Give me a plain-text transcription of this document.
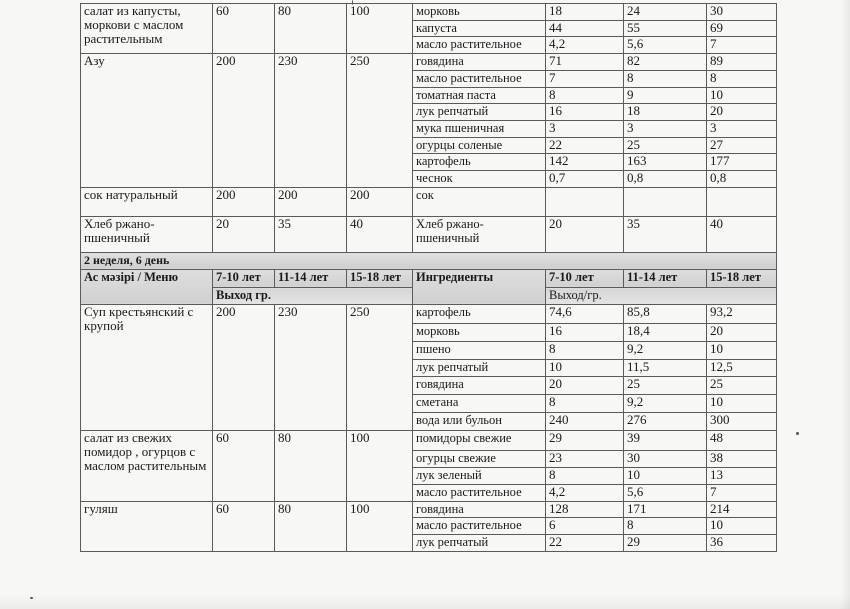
салат из капусты, моркови с маслом растительным	60	80	100	морковь	18	24	30
				капуста	44	55	69
				масло растительное	4,2	5,6	7
Азу	200	230	250	говядина	71	82	89
				масло растительное	7	8	8
				томатная паста	8	9	10
				лук репчатый	16	18	20
				мука пшеничная	3	3	3
				огурцы соленые	22	25	27
				картофель	142	163	177
				чеснок	0,7	0,8	0,8
сок натуральный	200	200	200	сок			
Хлеб ржано-пшеничный	20	35	40	Хлеб ржано-пшеничный	20	35	40
2 неделя, 6 день							
Ас мәзірі / Меню	7-10 лет	11-14 лет	15-18 лет	Ингредиенты	7-10 лет	11-14 лет	15-18 лет
	Выход гр.				Выход/гр.		
Суп крестьянский с крупой	200	230	250	картофель	74,6	85,8	93,2
				морковь	16	18,4	20
				пшено	8	9,2	10
				лук репчатый	10	11,5	12,5
				говядина	20	25	25
				сметана	8	9,2	10
				вода или бульон	240	276	300
салат из свежих помидор , огурцов с маслом растительным	60	80	100	помидоры свежие	29	39	48
				огурцы свежие	23	30	38
				лук зеленый	8	10	13
				масло растительное	4,2	5,6	7
гуляш	60	80	100	говядина	128	171	214
				масло растительное	6	8	10
				лук репчатый	22	29	36
